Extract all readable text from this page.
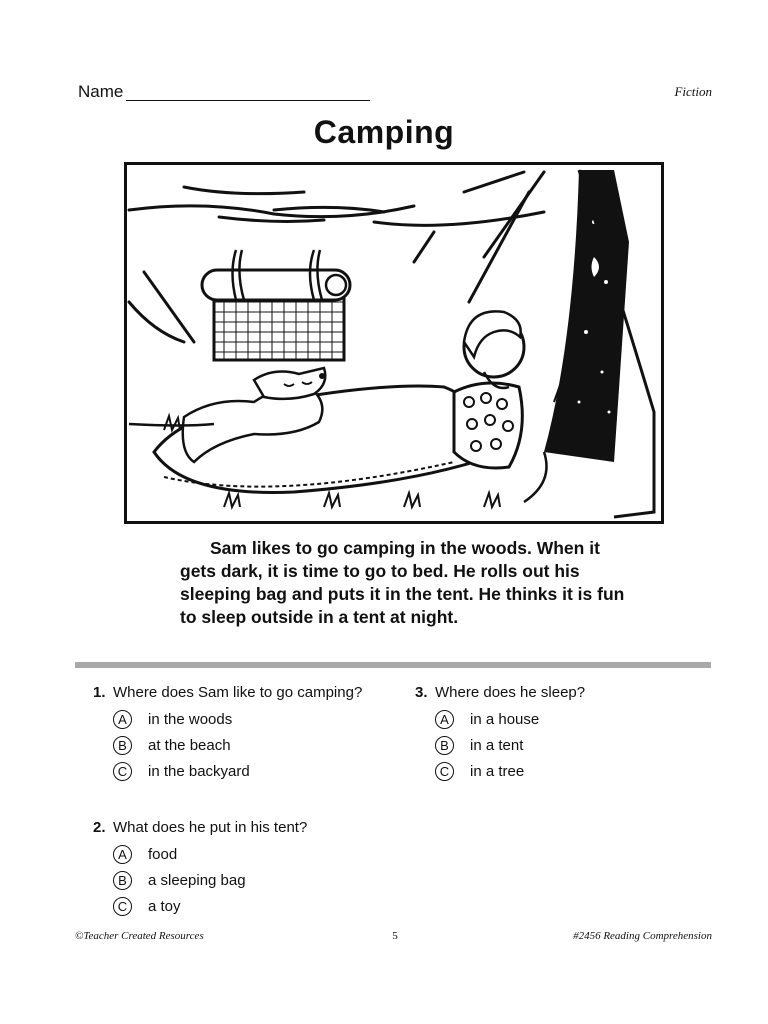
Name	Fiction
Camping

Sam likes to go camping in the woods. When it gets dark, it is time to go to bed. He rolls out his sleeping bag and puts it in the tent. He thinks it is fun to sleep outside in a tent at night.

1. Where does Sam like to go camping?
A	in the woods
B	at the beach
C	in the backyard
2. What does he put in his tent?
A	food
B	a sleeping bag
C	a toy
3. Where does he sleep?
A	in a house
B	in a tent
C	in a tree
©Teacher Created Resources	5	#2456 Reading Comprehension
